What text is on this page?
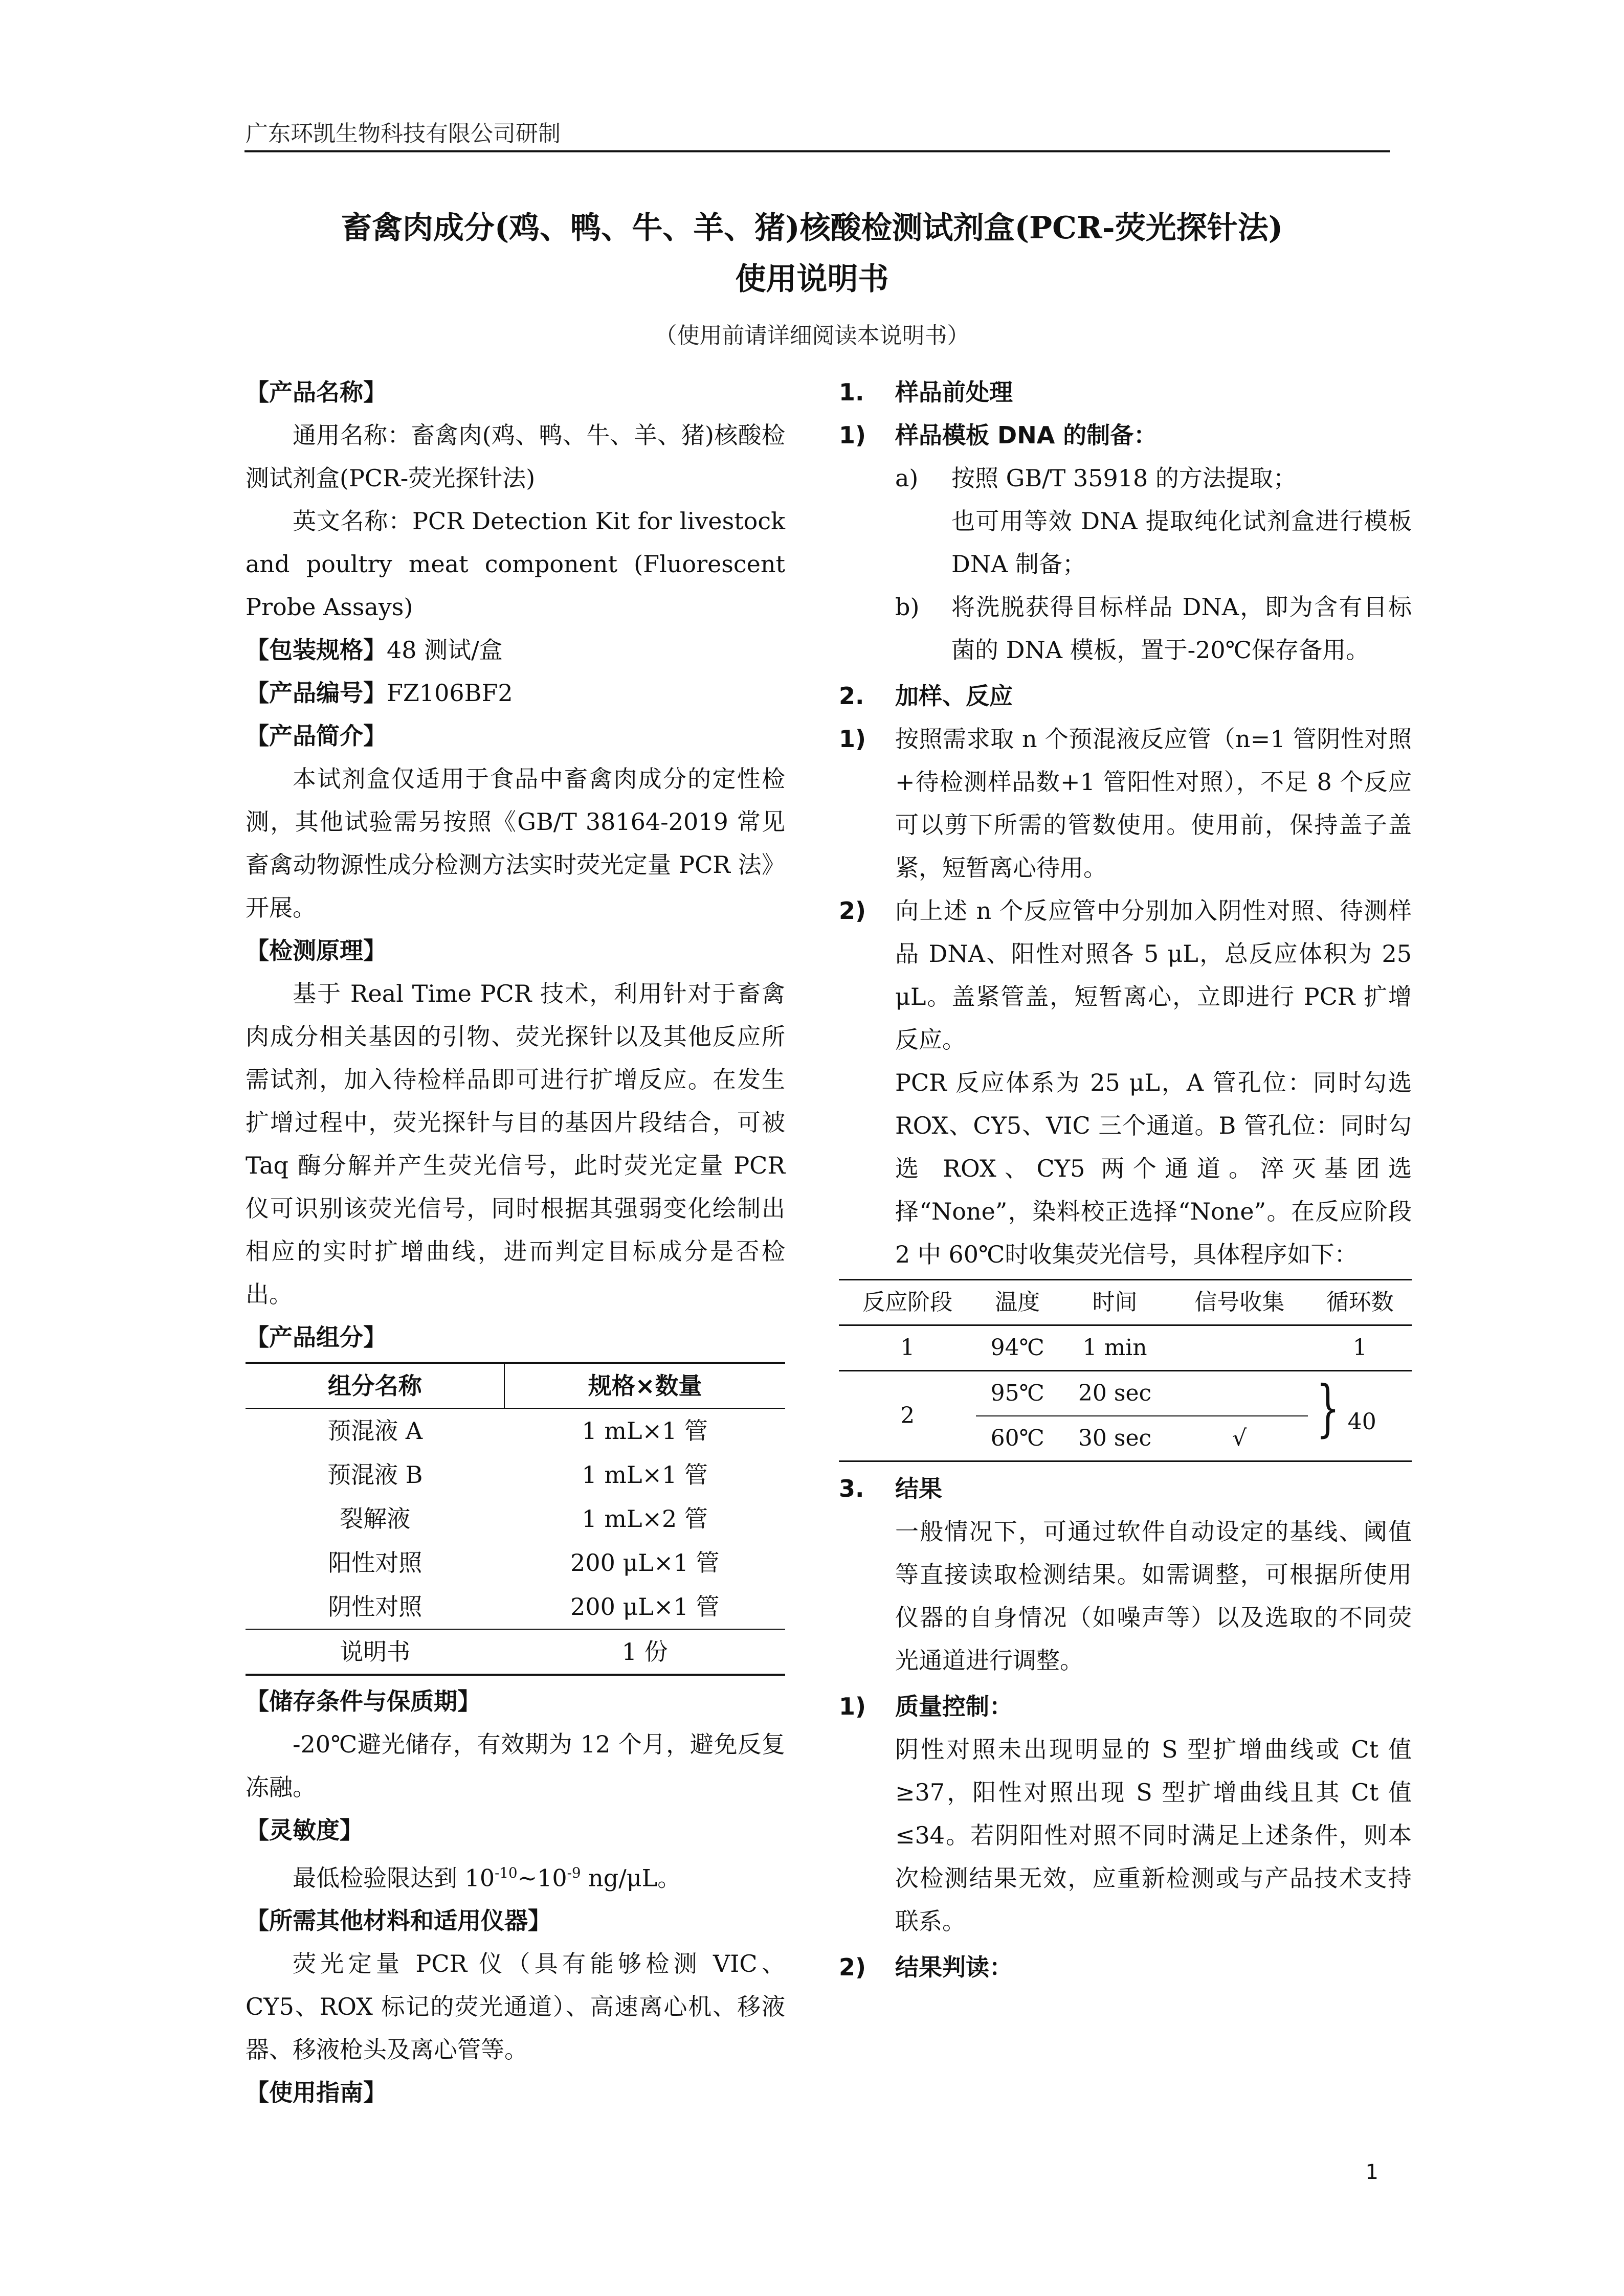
广东环凯生物科技有限公司研制
畜禽肉成分(鸡、鸭、牛、羊、猪)核酸检测试剂盒(PCR-荧光探针法)
使用说明书
（使用前请详细阅读本说明书）
【产品名称】
通用名称：畜禽肉(鸡、鸭、牛、羊、猪)核酸检测试剂盒(PCR-荧光探针法)
英文名称：PCR Detection Kit for livestock and poultry meat component (Fluorescent Probe Assays)
【包装规格】48 测试/盒
【产品编号】FZ106BF2
【产品简介】
本试剂盒仅适用于食品中畜禽肉成分的定性检测，其他试验需另按照《GB/T 38164-2019 常见畜禽动物源性成分检测方法实时荧光定量 PCR 法》开展。
【检测原理】
基于 Real Time PCR 技术，利用针对于畜禽肉成分相关基因的引物、荧光探针以及其他反应所需试剂，加入待检样品即可进行扩增反应。在发生扩增过程中，荧光探针与目的基因片段结合，可被 Taq 酶分解并产生荧光信号，此时荧光定量 PCR 仪可识别该荧光信号，同时根据其强弱变化绘制出相应的实时扩增曲线，进而判定目标成分是否检出。
【产品组分】
组分名称	规格×数量
预混液 A	1 mL×1 管
预混液 B	1 mL×1 管
裂解液	1 mL×2 管
阳性对照	200 μL×1 管
阴性对照	200 μL×1 管
说明书	1 份
【储存条件与保质期】
-20℃避光储存，有效期为 12 个月，避免反复冻融。
【灵敏度】
最低检验限达到 $10^{-10}\sim 10^{-9}$ ng/μL。
【所需其他材料和适用仪器】
荧光定量 PCR 仪（具有能够检测 VIC、CY5、ROX 标记的荧光通道）、高速离心机、移液器、移液枪头及离心管等。
【使用指南】
1. 样品前处理
1) 样品模板 DNA 的制备：
a)	按照 GB/T 35918 的方法提取；
也可用等效 DNA 提取纯化试剂盒进行模板 DNA 制备；
b)	将洗脱获得目标样品 DNA，即为含有目标菌的 DNA 模板，置于-20℃保存备用。
2. 加样、反应
1)	按照需求取 n 个预混液反应管（n=1 管阴性对照+待检测样品数+1 管阳性对照），不足 8 个反应可以剪下所需的管数使用。使用前，保持盖子盖紧，短暂离心待用。
2)	向上述 n 个反应管中分别加入阴性对照、待测样品 DNA、阳性对照各 5 μL，总反应体积为 25 μL。盖紧管盖，短暂离心，立即进行 PCR 扩增反应。
PCR 反应体系为 25 μL，A 管孔位：同时勾选 ROX、CY5、VIC 三个通道。B 管孔位：同时勾选 ROX、CY5 两个通道。淬灭基团选择“None”，染料校正选择“None”。在反应阶段 2 中 60℃时收集荧光信号，具体程序如下：
反应阶段	温度	时间	信号收集	循环数
1	94℃	1 min		1
2	95℃	20 sec		} 40
	60℃	30 sec	√	
3. 结果
一般情况下，可通过软件自动设定的基线、阈值等直接读取检测结果。如需调整，可根据所使用仪器的自身情况（如噪声等）以及选取的不同荧光通道进行调整。
1) 质量控制：
阴性对照未出现明显的 S 型扩增曲线或 Ct 值≥37，阳性对照出现 S 型扩增曲线且其 Ct 值≤34。若阴阳性对照不同时满足上述条件，则本次检测结果无效，应重新检测或与产品技术支持联系。
2) 结果判读：
1
